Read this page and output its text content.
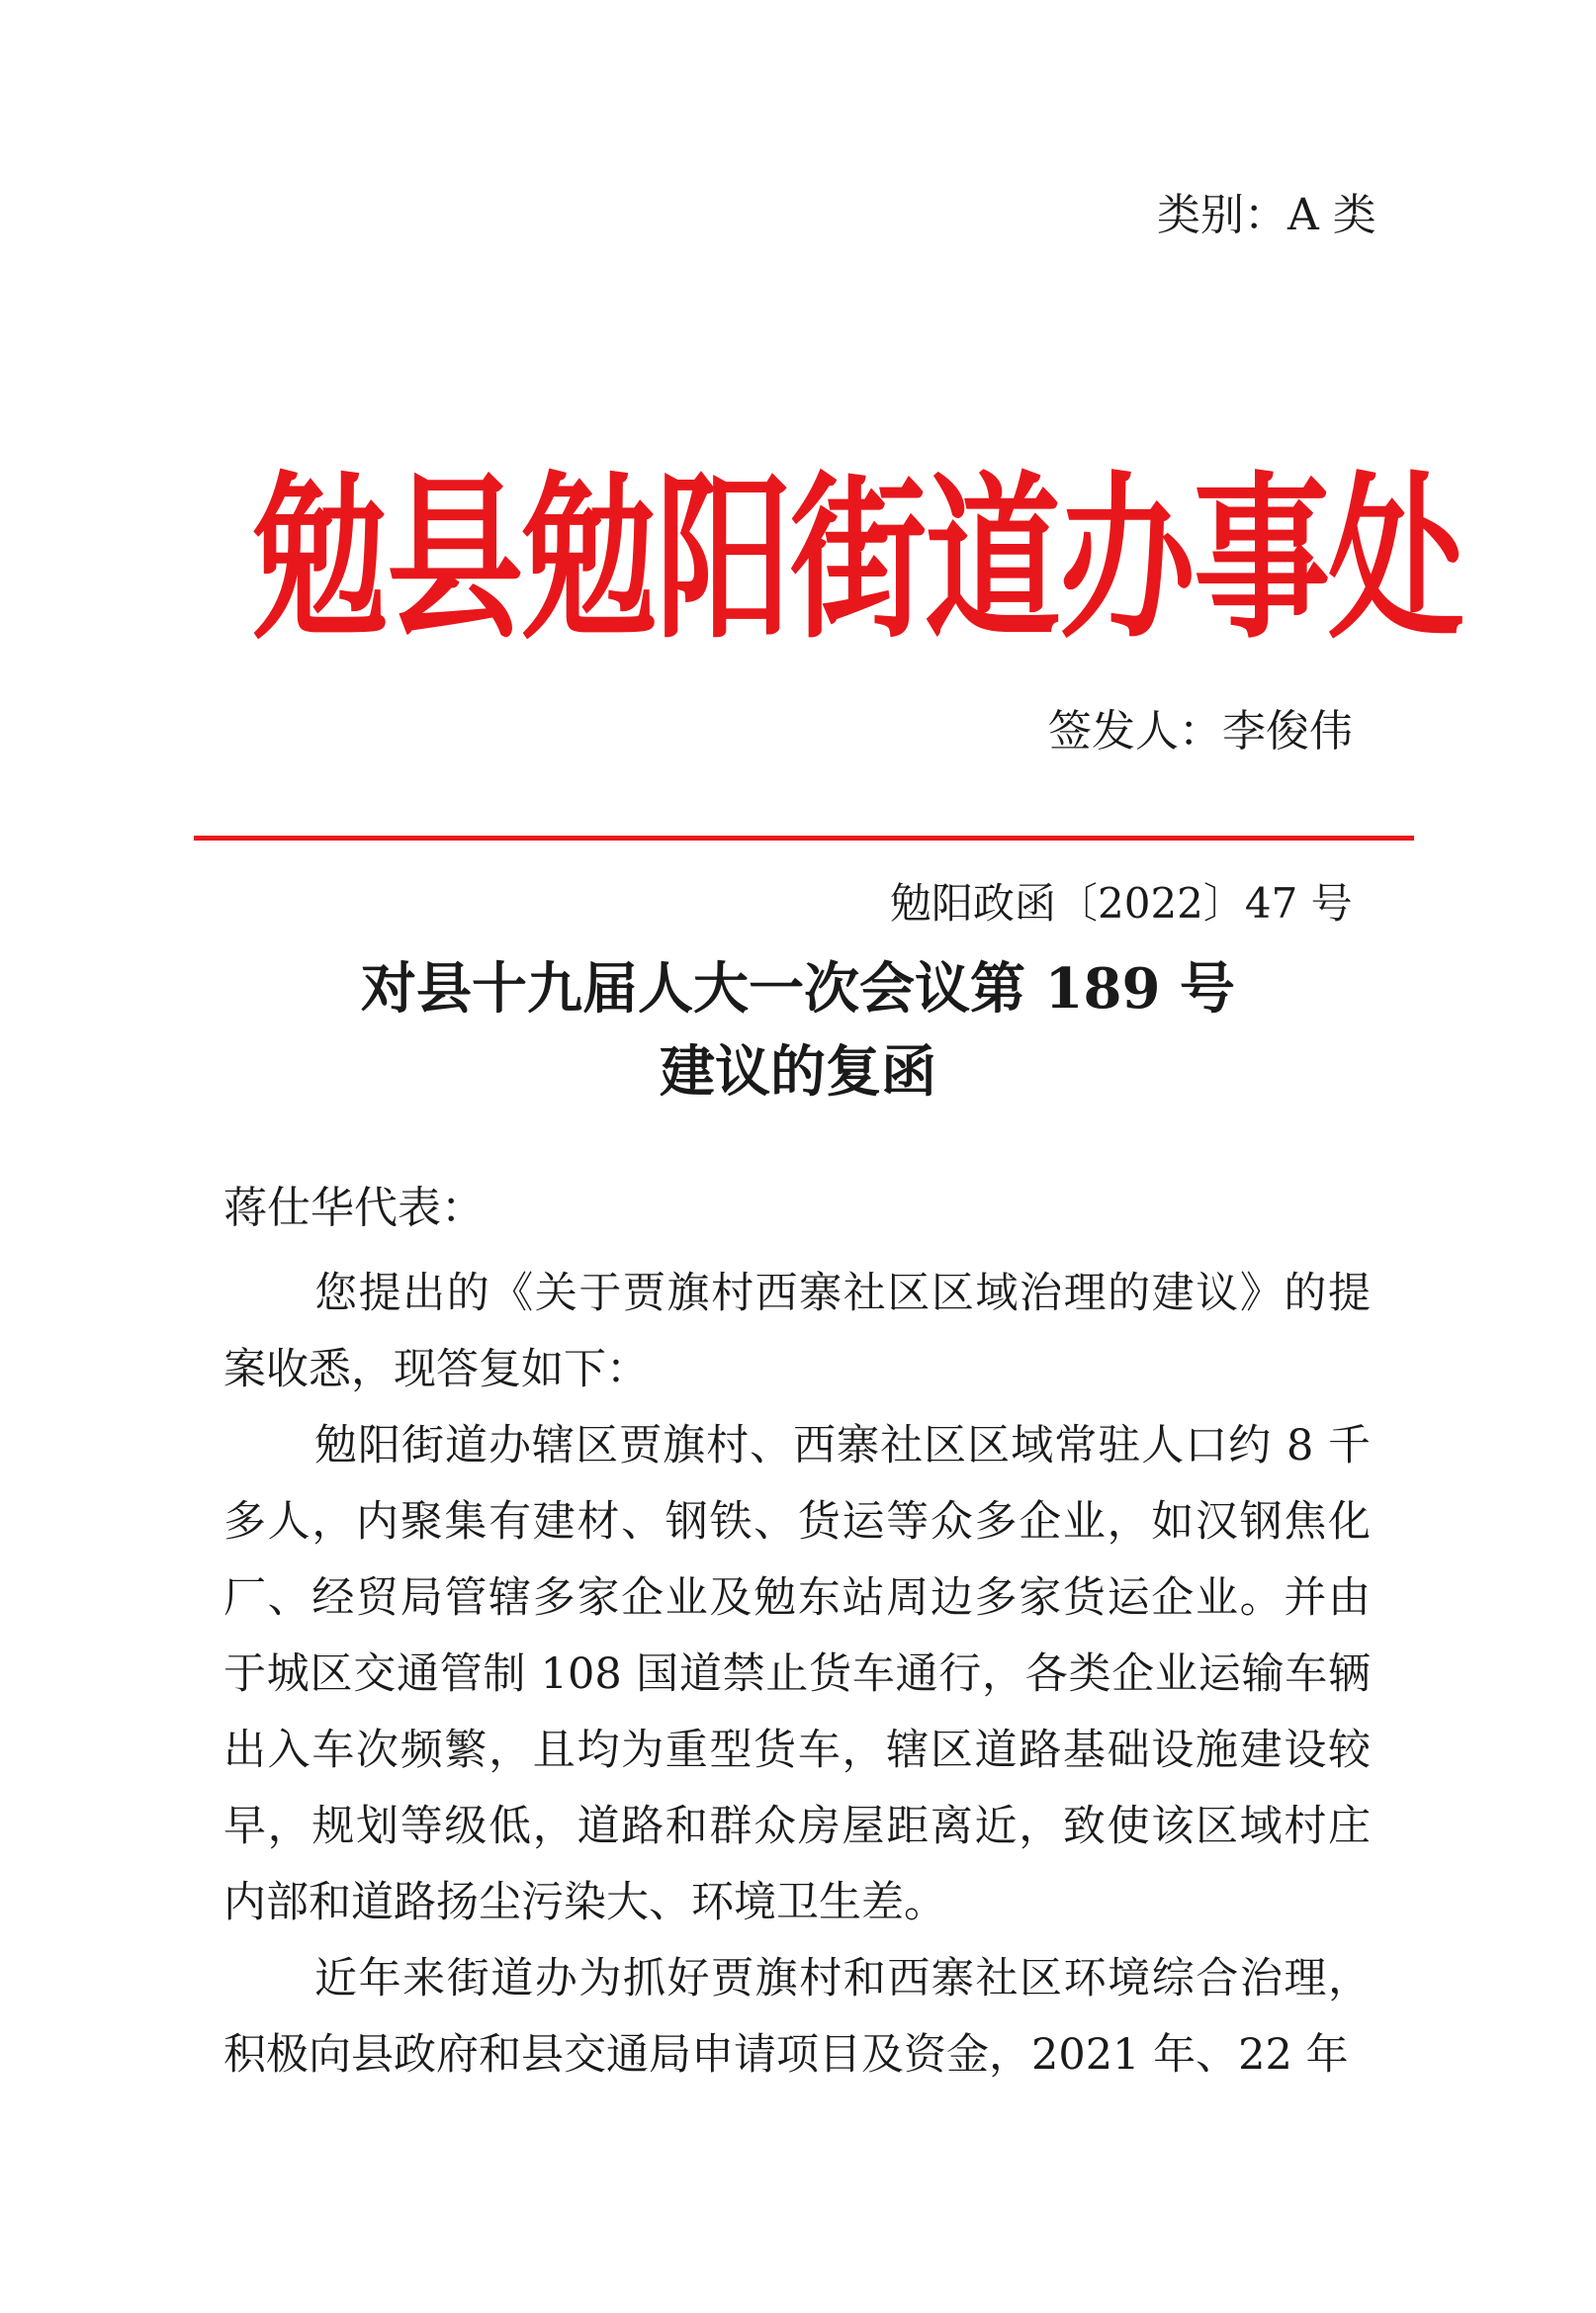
类别：A 类
勉县勉阳街道办事处
签发人：李俊伟
勉阳政函〔2022〕47 号
对县十九届人大一次会议第 189 号
建议的复函
蒋仕华代表：
您提出的《关于贾旗村西寨社区区域治理的建议》的提
案收悉，现答复如下：
勉阳街道办辖区贾旗村、西寨社区区域常驻人口约 8 千
多人，内聚集有建材、钢铁、货运等众多企业，如汉钢焦化
厂、经贸局管辖多家企业及勉东站周边多家货运企业。并由
于城区交通管制 108 国道禁止货车通行，各类企业运输车辆
出入车次频繁，且均为重型货车，辖区道路基础设施建设较
早，规划等级低，道路和群众房屋距离近，致使该区域村庄
内部和道路扬尘污染大、环境卫生差。
近年来街道办为抓好贾旗村和西寨社区环境综合治理，
积极向县政府和县交通局申请项目及资金，2021 年、22 年
